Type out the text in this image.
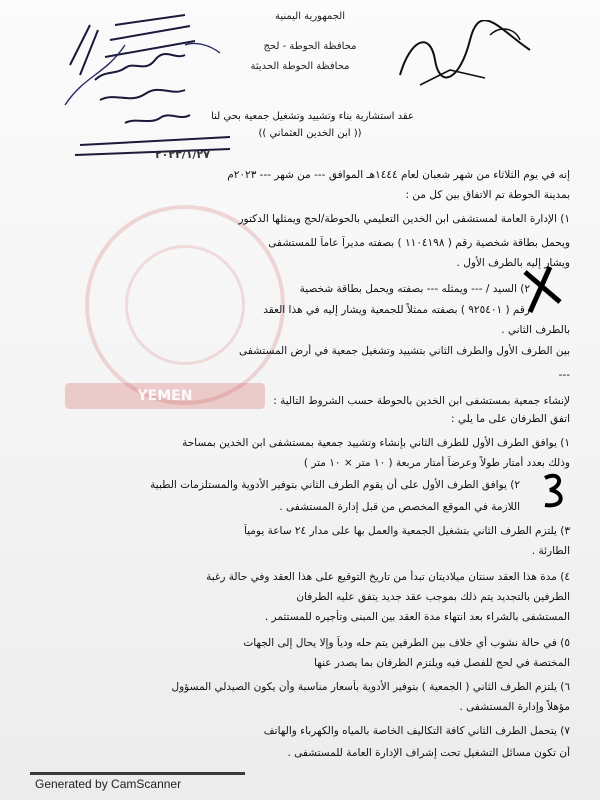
YEMEN
الجمهورية اليمنية
محافظة الحوطة - لحج
محافظة الحوطة الحديثة
٢٠٢٣/١/٢٧
عقد استشارية بناء وتشييد وتشغيل جمعية بحي لنا
(( ابن الخدين العثماني ))
إنه في يوم الثلاثاء من شهر شعبان لعام ١٤٤٤هـ الموافق --- من شهر --- ٢٠٢٣م
بمدينة الحوطة تم الاتفاق بين كل من :
١) الإدارة العامة لمستشفى ابن الخدين التعليمي بالحوطة/لحج ويمثلها الدكتور
ويحمل بطاقة شخصية رقم ( ١١٠٤١٩٨ ) بصفته مديراً عاماً للمستشفى
ويشار إليه بالطرف الأول .
٢) السيد / --- ويمثله --- بصفته ويحمل بطاقة شخصية
رقم ( ٩٢٥٤٠١ ) بصفته ممثلاً للجمعية ويشار إليه في هذا العقد
بالطرف الثاني .
بين الطرف الأول والطرف الثاني بتشييد وتشغيل جمعية في أرض المستشفى
---
لإنشاء جمعية بمستشفى ابن الخدين بالحوطة حسب الشروط التالية :
اتفق الطرفان على ما يلي :
١) يوافق الطرف الأول للطرف الثاني بإنشاء وتشييد جمعية بمستشفى ابن الخدين بمساحة
وذلك بعدد أمتار طولاً وعرضاً أمتار مربعة ( ١٠ متر × ١٠ متر )
٢) يوافق الطرف الأول على أن يقوم الطرف الثاني بتوفير الأدوية والمستلزمات الطبية
اللازمة في الموقع المخصص من قبل إدارة المستشفى .
٣) يلتزم الطرف الثاني بتشغيل الجمعية والعمل بها على مدار ٢٤ ساعة يومياً
الطارئة .
٤) مدة هذا العقد سنتان ميلاديتان تبدأ من تاريخ التوقيع على هذا العقد وفي حالة رغبة
الطرفين بالتجديد يتم ذلك بموجب عقد جديد يتفق عليه الطرفان
المستشفى بالشراء بعد انتهاء مدة العقد بين المبنى وتأجيره للمستثمر .
٥) في حالة نشوب أي خلاف بين الطرفين يتم حله ودياً وإلا يحال إلى الجهات
المختصة في لحج للفصل فيه ويلتزم الطرفان بما يصدر عنها
٦) يلتزم الطرف الثاني ( الجمعية ) بتوفير الأدوية بأسعار مناسبة وأن يكون الصيدلي المسؤول
مؤهلاً وإدارة المستشفى .
٧) يتحمل الطرف الثاني كافة التكاليف الخاصة بالمياه والكهرباء والهاتف
أن تكون مسائل التشغيل تحت إشراف الإدارة العامة للمستشفى .
Generated by CamScanner
